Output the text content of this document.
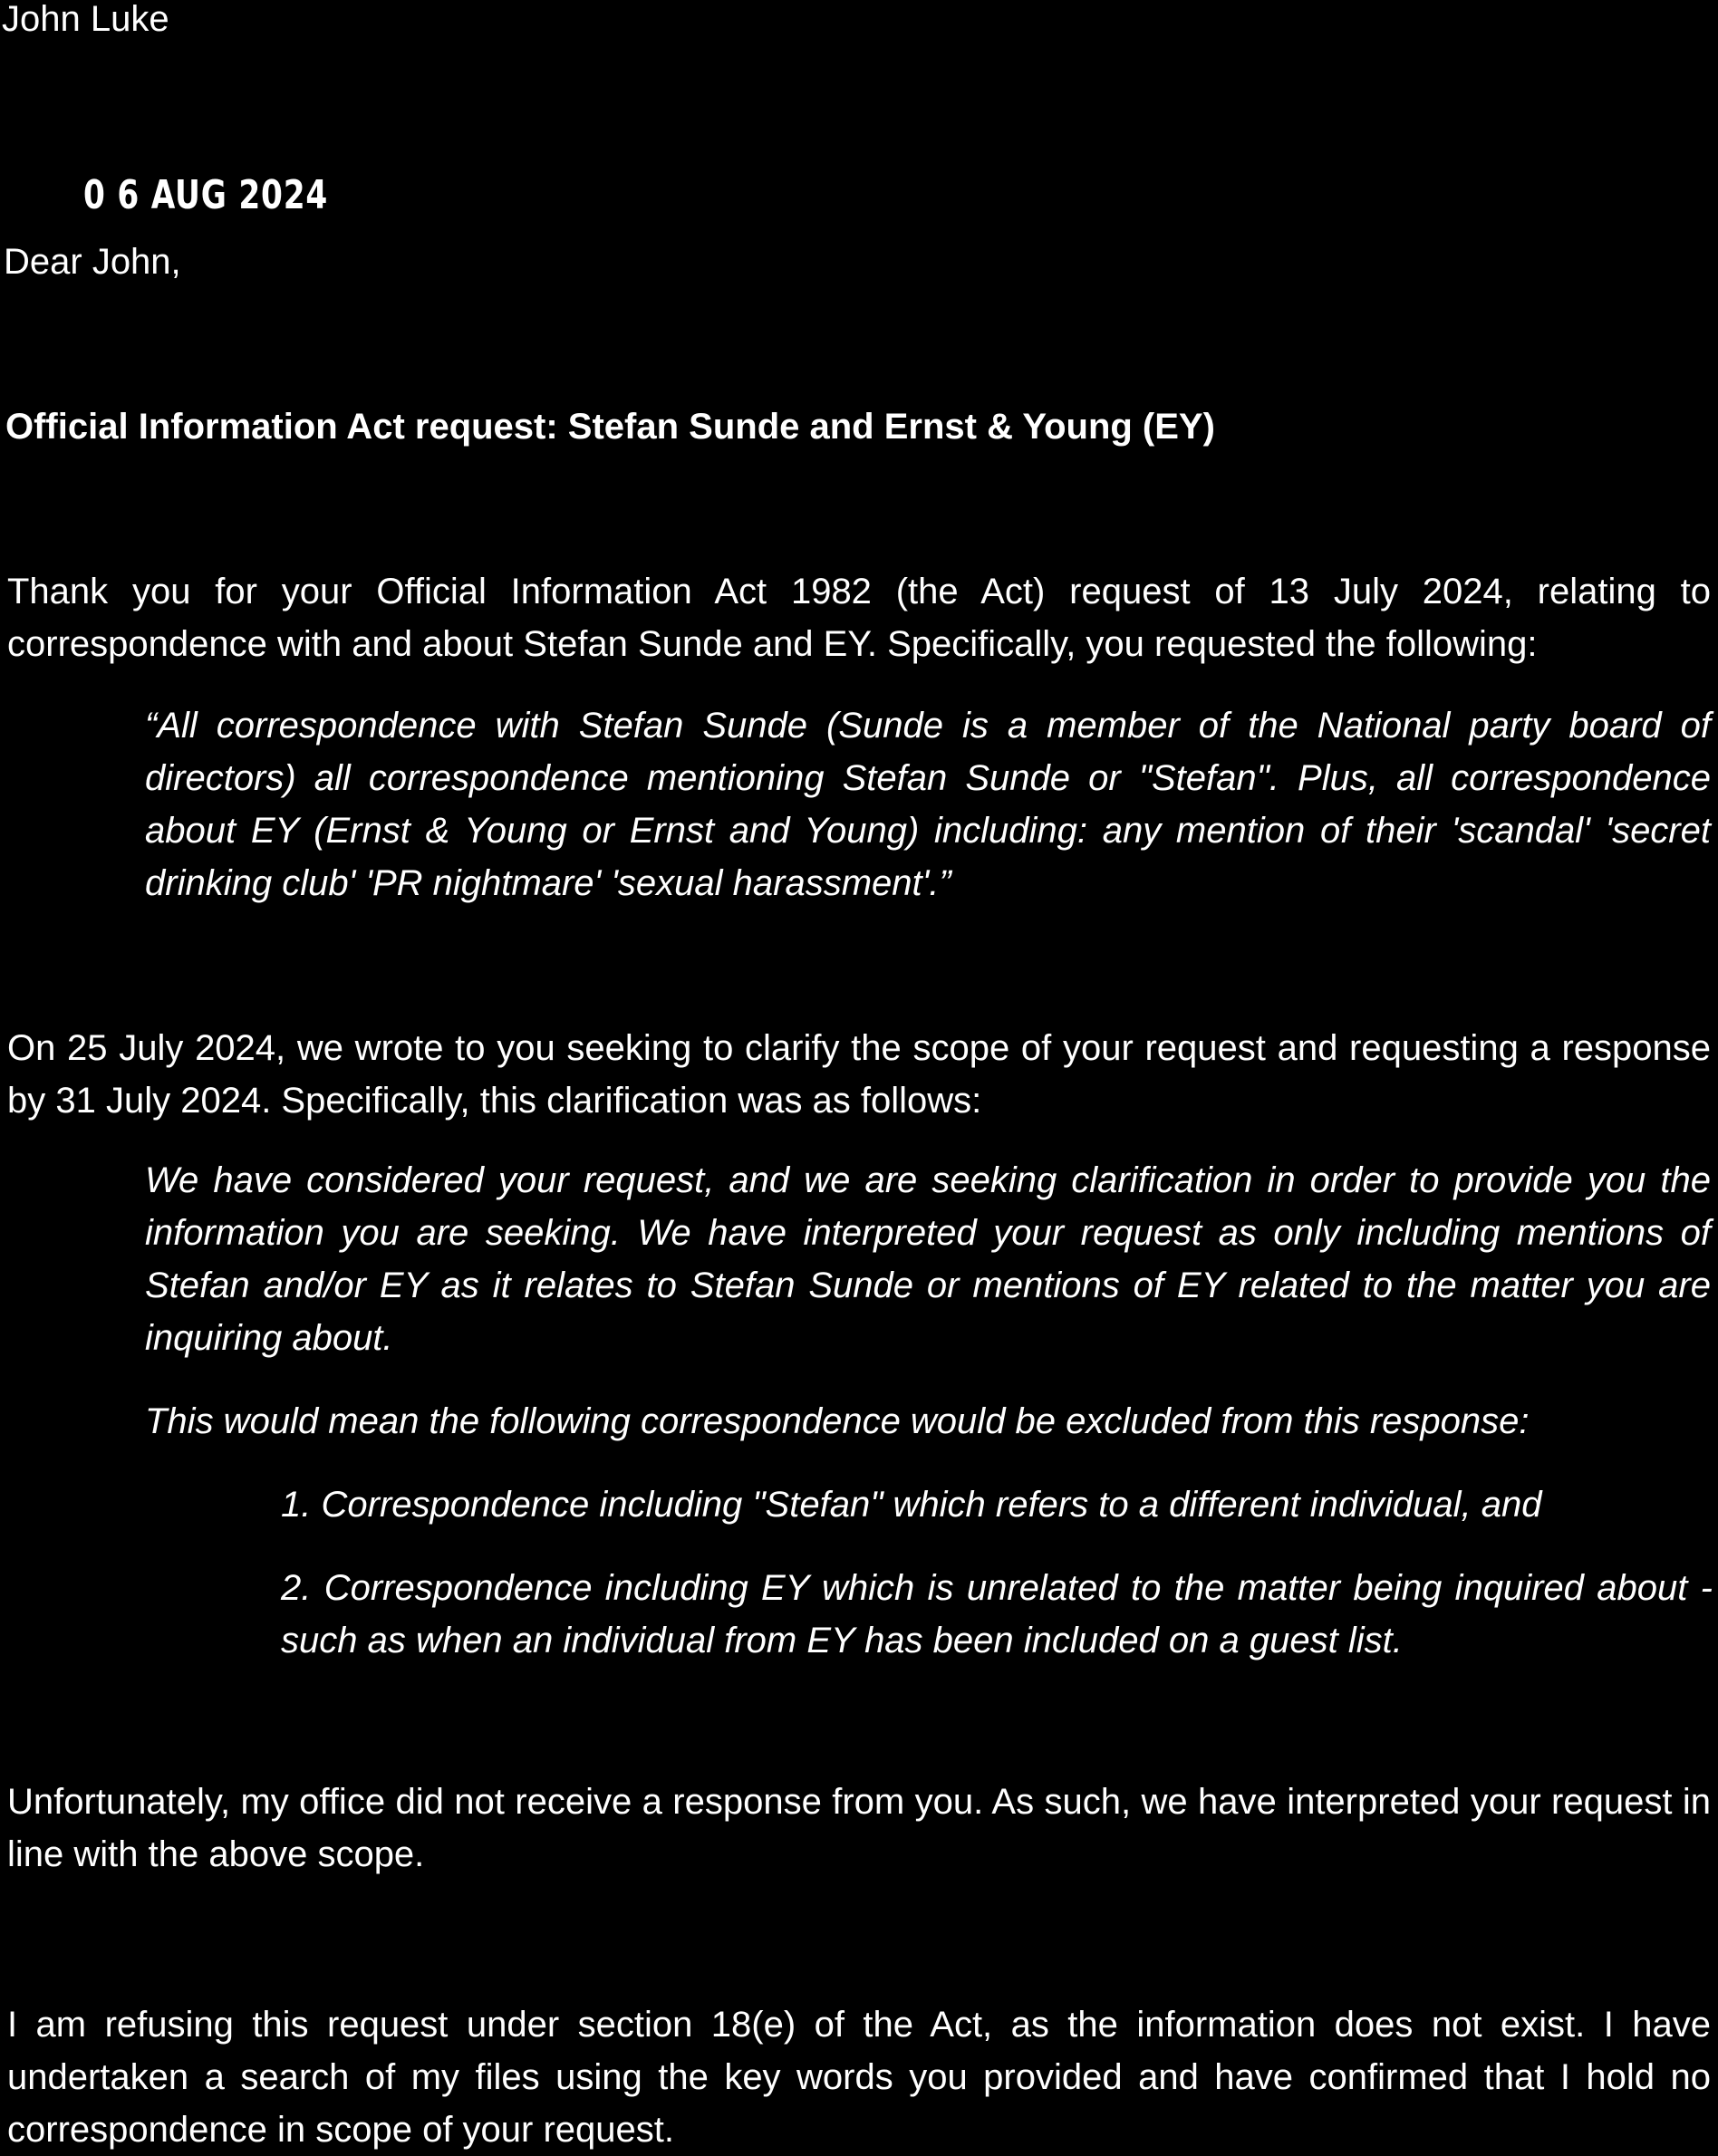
John Luke

0 6 AUG 2024

Dear John,

Official Information Act request: Stefan Sunde and Ernst & Young (EY)

Thank you for your Official Information Act 1982 (the Act) request of 13 July 2024, relating to correspondence with and about Stefan Sunde and EY. Specifically, you requested the following:

“All correspondence with Stefan Sunde (Sunde is a member of the National party board of directors) all correspondence mentioning Stefan Sunde or "Stefan". Plus, all correspondence about EY (Ernst & Young or Ernst and Young) including: any mention of their 'scandal' 'secret drinking club' 'PR nightmare' 'sexual harassment'.”

On 25 July 2024, we wrote to you seeking to clarify the scope of your request and requesting a response by 31 July 2024. Specifically, this clarification was as follows:

We have considered your request, and we are seeking clarification in order to provide you the information you are seeking. We have interpreted your request as only including mentions of Stefan and/or EY as it relates to Stefan Sunde or mentions of EY related to the matter you are inquiring about.

This would mean the following correspondence would be excluded from this response:

1. Correspondence including "Stefan" which refers to a different individual, and

2. Correspondence including EY which is unrelated to the matter being inquired about - such as when an individual from EY has been included on a guest list.

Unfortunately, my office did not receive a response from you. As such, we have interpreted your request in line with the above scope.

I am refusing this request under section 18(e) of the Act, as the information does not exist. I have undertaken a search of my files using the key words you provided and have confirmed that I hold no correspondence in scope of your request.
